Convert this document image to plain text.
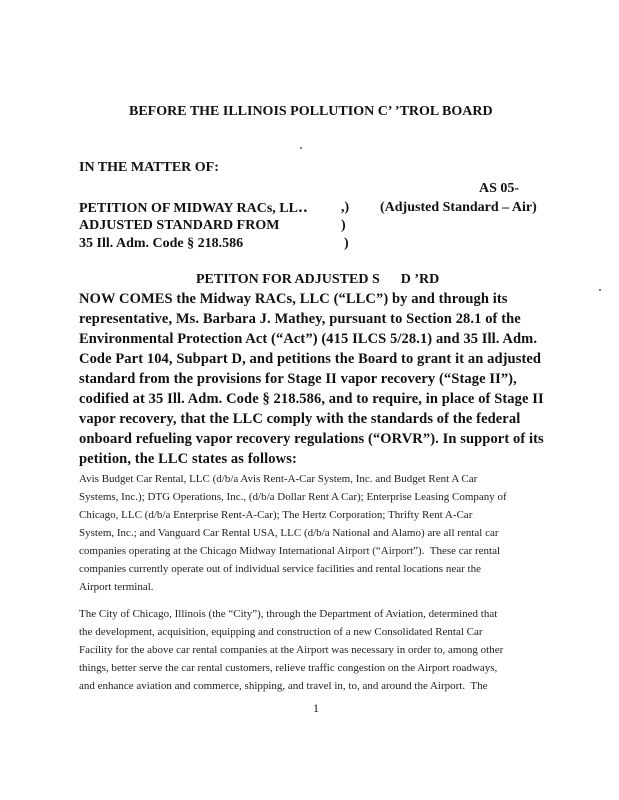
BEFORE THE ILLINOIS POLLUTION C’ ’TROL BOARD
IN THE MATTER OF:
AS 05-
PETITION OF MIDWAY RACs, LL․․
ADJUSTED STANDARD FROM
35 Ill. Adm. Code § 218.586
,)
)
)
(Adjusted Standard – Air)
PETITON FOR ADJUSTED S      D ’RD
NOW COMES the Midway RACs, LLC (“LLC”) by and through its
representative, Ms. Barbara J. Mathey, pursuant to Section 28.1 of the
Environmental Protection Act (“Act”) (415 ILCS 5/28.1) and 35 Ill. Adm.
Code Part 104, Subpart D, and petitions the Board to grant it an adjusted
standard from the provisions for Stage II vapor recovery (“Stage II”),
codified at 35 Ill. Adm. Code § 218.586, and to require, in place of Stage II
vapor recovery, that the LLC comply with the standards of the federal
onboard refueling vapor recovery regulations (“ORVR”). In support of its
petition, the LLC states as follows:
Avis Budget Car Rental, LLC (d/b/a Avis Rent-A-Car System, Inc. and Budget Rent A Car
Systems, Inc.); DTG Operations, Inc., (d/b/a Dollar Rent A Car); Enterprise Leasing Company of
Chicago, LLC (d/b/a Enterprise Rent-A-Car); The Hertz Corporation; Thrifty Rent A-Car
System, Inc.; and Vanguard Car Rental USA, LLC (d/b/a National and Alamo) are all rental car
companies operating at the Chicago Midway International Airport (“Airport”).  These car rental
companies currently operate out of individual service facilities and rental locations near the
Airport terminal.
The City of Chicago, Illinois (the “City”), through the Department of Aviation, determined that
the development, acquisition, equipping and construction of a new Consolidated Rental Car
Facility for the above car rental companies at the Airport was necessary in order to, among other
things, better serve the car rental customers, relieve traffic congestion on the Airport roadways,
and enhance aviation and commerce, shipping, and travel in, to, and around the Airport.  The
1
